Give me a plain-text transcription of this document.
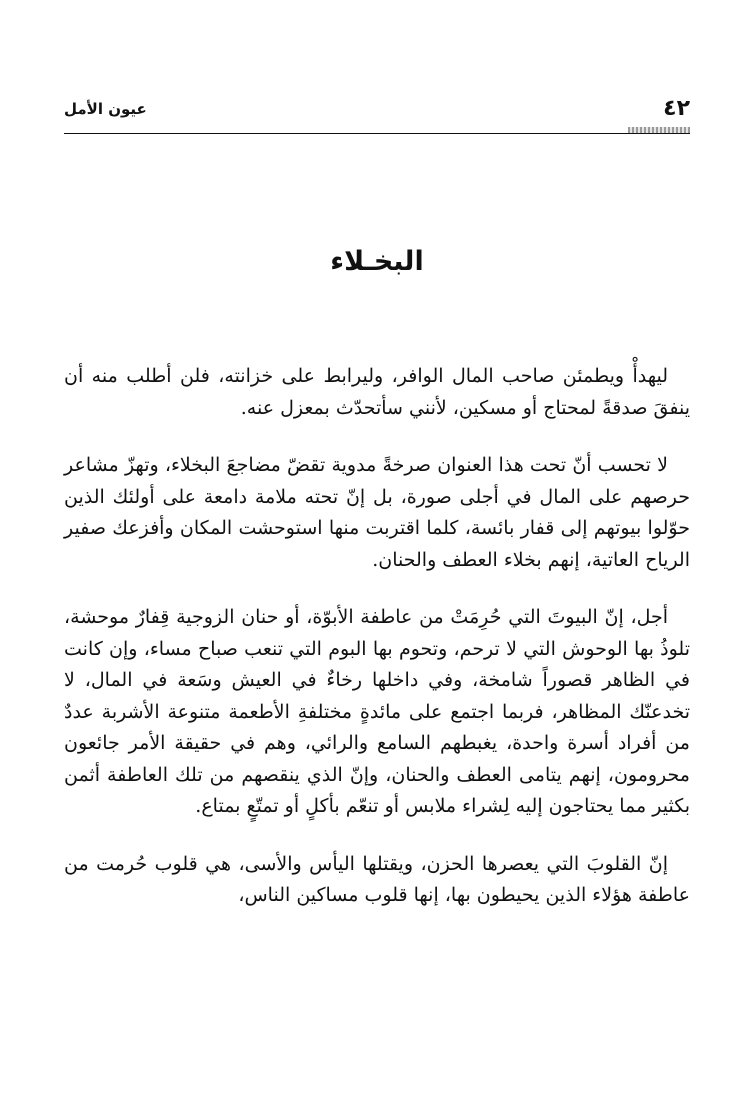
٤٢
عيون الأمل
البخـلاء

ليهدأْ ويطمئن صاحب المال الوافر، وليرابط على خزانته، فلن أطلب منه أن ينفقَ صدقةً لمحتاج أو مسكين، لأنني سأتحدّث بمعزل عنه.

لا تحسب أنّ تحت هذا العنوان صرخةً مدوية تقضّ مضاجعَ البخلاء، وتهزّ مشاعر حرصهم على المال في أجلى صورة، بل إنّ تحته ملامة دامعة على أولئك الذين حوّلوا بيوتهم إلى قفار بائسة، كلما اقتربت منها استوحشت المكان وأفزعك صفير الرياح العاتية، إنهم بخلاء العطف والحنان.

أجل، إنّ البيوتَ التي حُرِمَتْ من عاطفة الأبوّة، أو حنان الزوجية قِفارٌ موحشة، تلوذُ بها الوحوش التي لا ترحم، وتحوم بها البوم التي تنعب صباح مساء، وإن كانت في الظاهر قصوراً شامخة، وفي داخلها رخاءٌ في العيش وسَعة في المال، لا تخدعنّك المظاهر، فربما اجتمع على مائدةٍ مختلفةِ الأطعمة متنوعة الأشربة عددٌ من أفراد أسرة واحدة، يغبطهم السامع والرائي، وهم في حقيقة الأمر جائعون محرومون، إنهم يتامى العطف والحنان، وإنّ الذي ينقصهم من تلك العاطفة أثمن بكثير مما يحتاجون إليه لِشراء ملابس أو تنعّم بأكلٍ أو تمتّعٍ بمتاع.

إنّ القلوبَ التي يعصرها الحزن، ويقتلها اليأس والأسى، هي قلوب حُرمت من عاطفة هؤلاء الذين يحيطون بها، إنها قلوب مساكين الناس،
